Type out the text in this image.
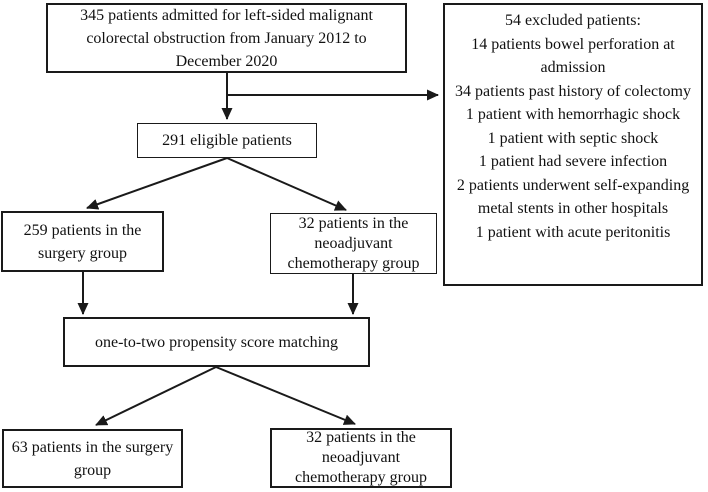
345 patients admitted for left-sided malignant colorectal obstruction from January 2012 to December 2020
54 excluded patients:
14 patients bowel perforation at admission
34 patients past history of colectomy
1 patient with hemorrhagic shock
1 patient with septic shock
1 patient had severe infection
2 patients underwent self-expanding metal stents in other hospitals
1 patient with acute peritonitis
291 eligible patients
259 patients in the surgery group
32 patients in the neoadjuvant chemotherapy group
one-to-two propensity score matching
63 patients in the surgery group
32 patients in the neoadjuvant chemotherapy group
